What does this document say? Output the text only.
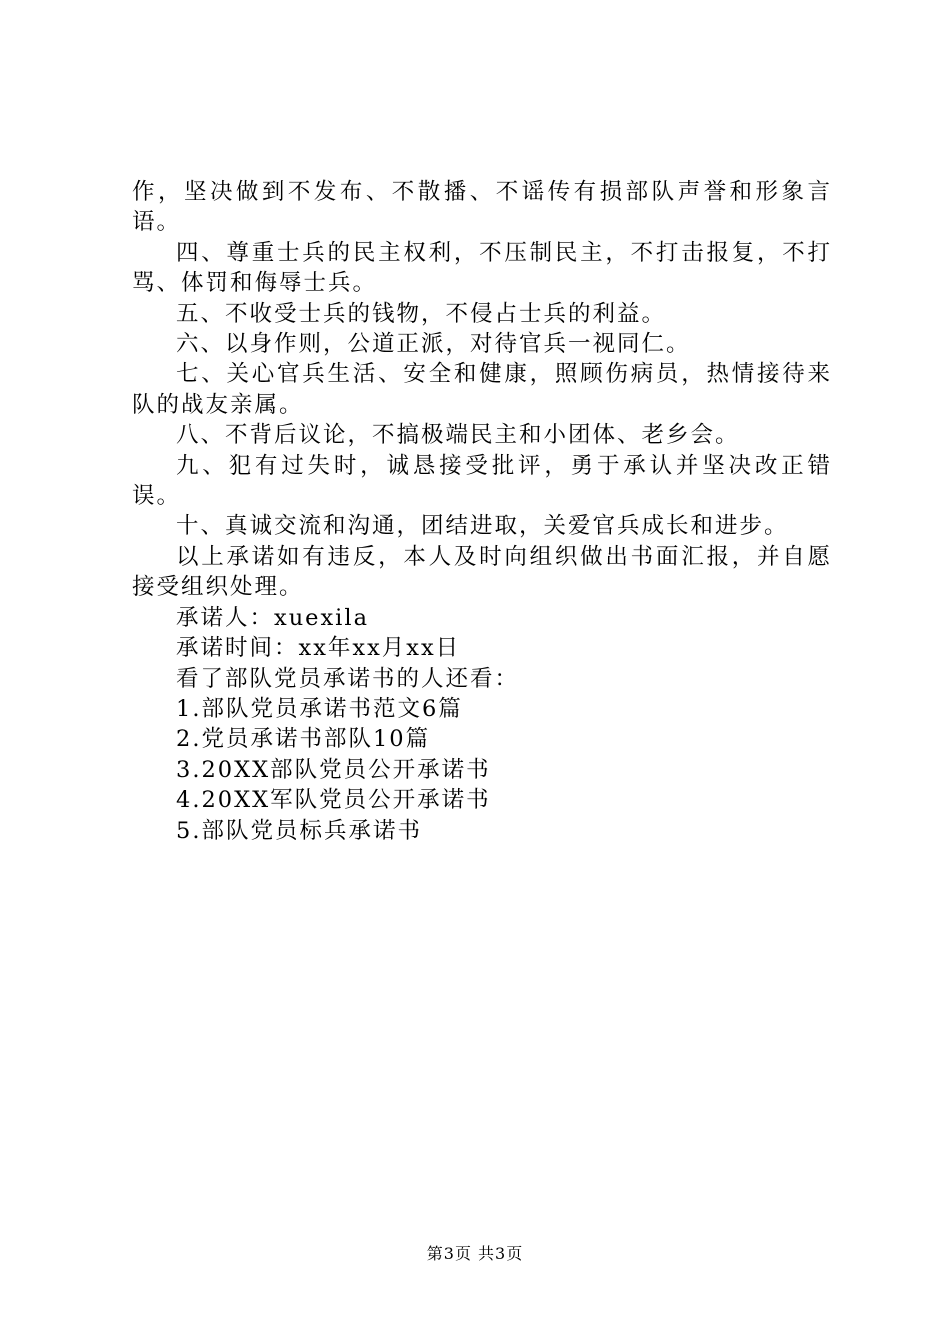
作，坚决做到不发布、不散播、不谣传有损部队声誉和形象言语。

四、尊重士兵的民主权利，不压制民主，不打击报复，不打骂、体罚和侮辱士兵。

五、不收受士兵的钱物，不侵占士兵的利益。

六、以身作则，公道正派，对待官兵一视同仁。

七、关心官兵生活、安全和健康，照顾伤病员，热情接待来队的战友亲属。

八、不背后议论，不搞极端民主和小团体、老乡会。

九、犯有过失时，诚恳接受批评，勇于承认并坚决改正错误。

十、真诚交流和沟通，团结进取，关爱官兵成长和进步。

以上承诺如有违反，本人及时向组织做出书面汇报，并自愿接受组织处理。

承诺人：xuexila

承诺时间：xx年xx月xx日

看了部队党员承诺书的人还看：

1.部队党员承诺书范文6篇

2.党员承诺书部队10篇

3.20XX部队党员公开承诺书

4.20XX军队党员公开承诺书

5.部队党员标兵承诺书

第3页 共3页
